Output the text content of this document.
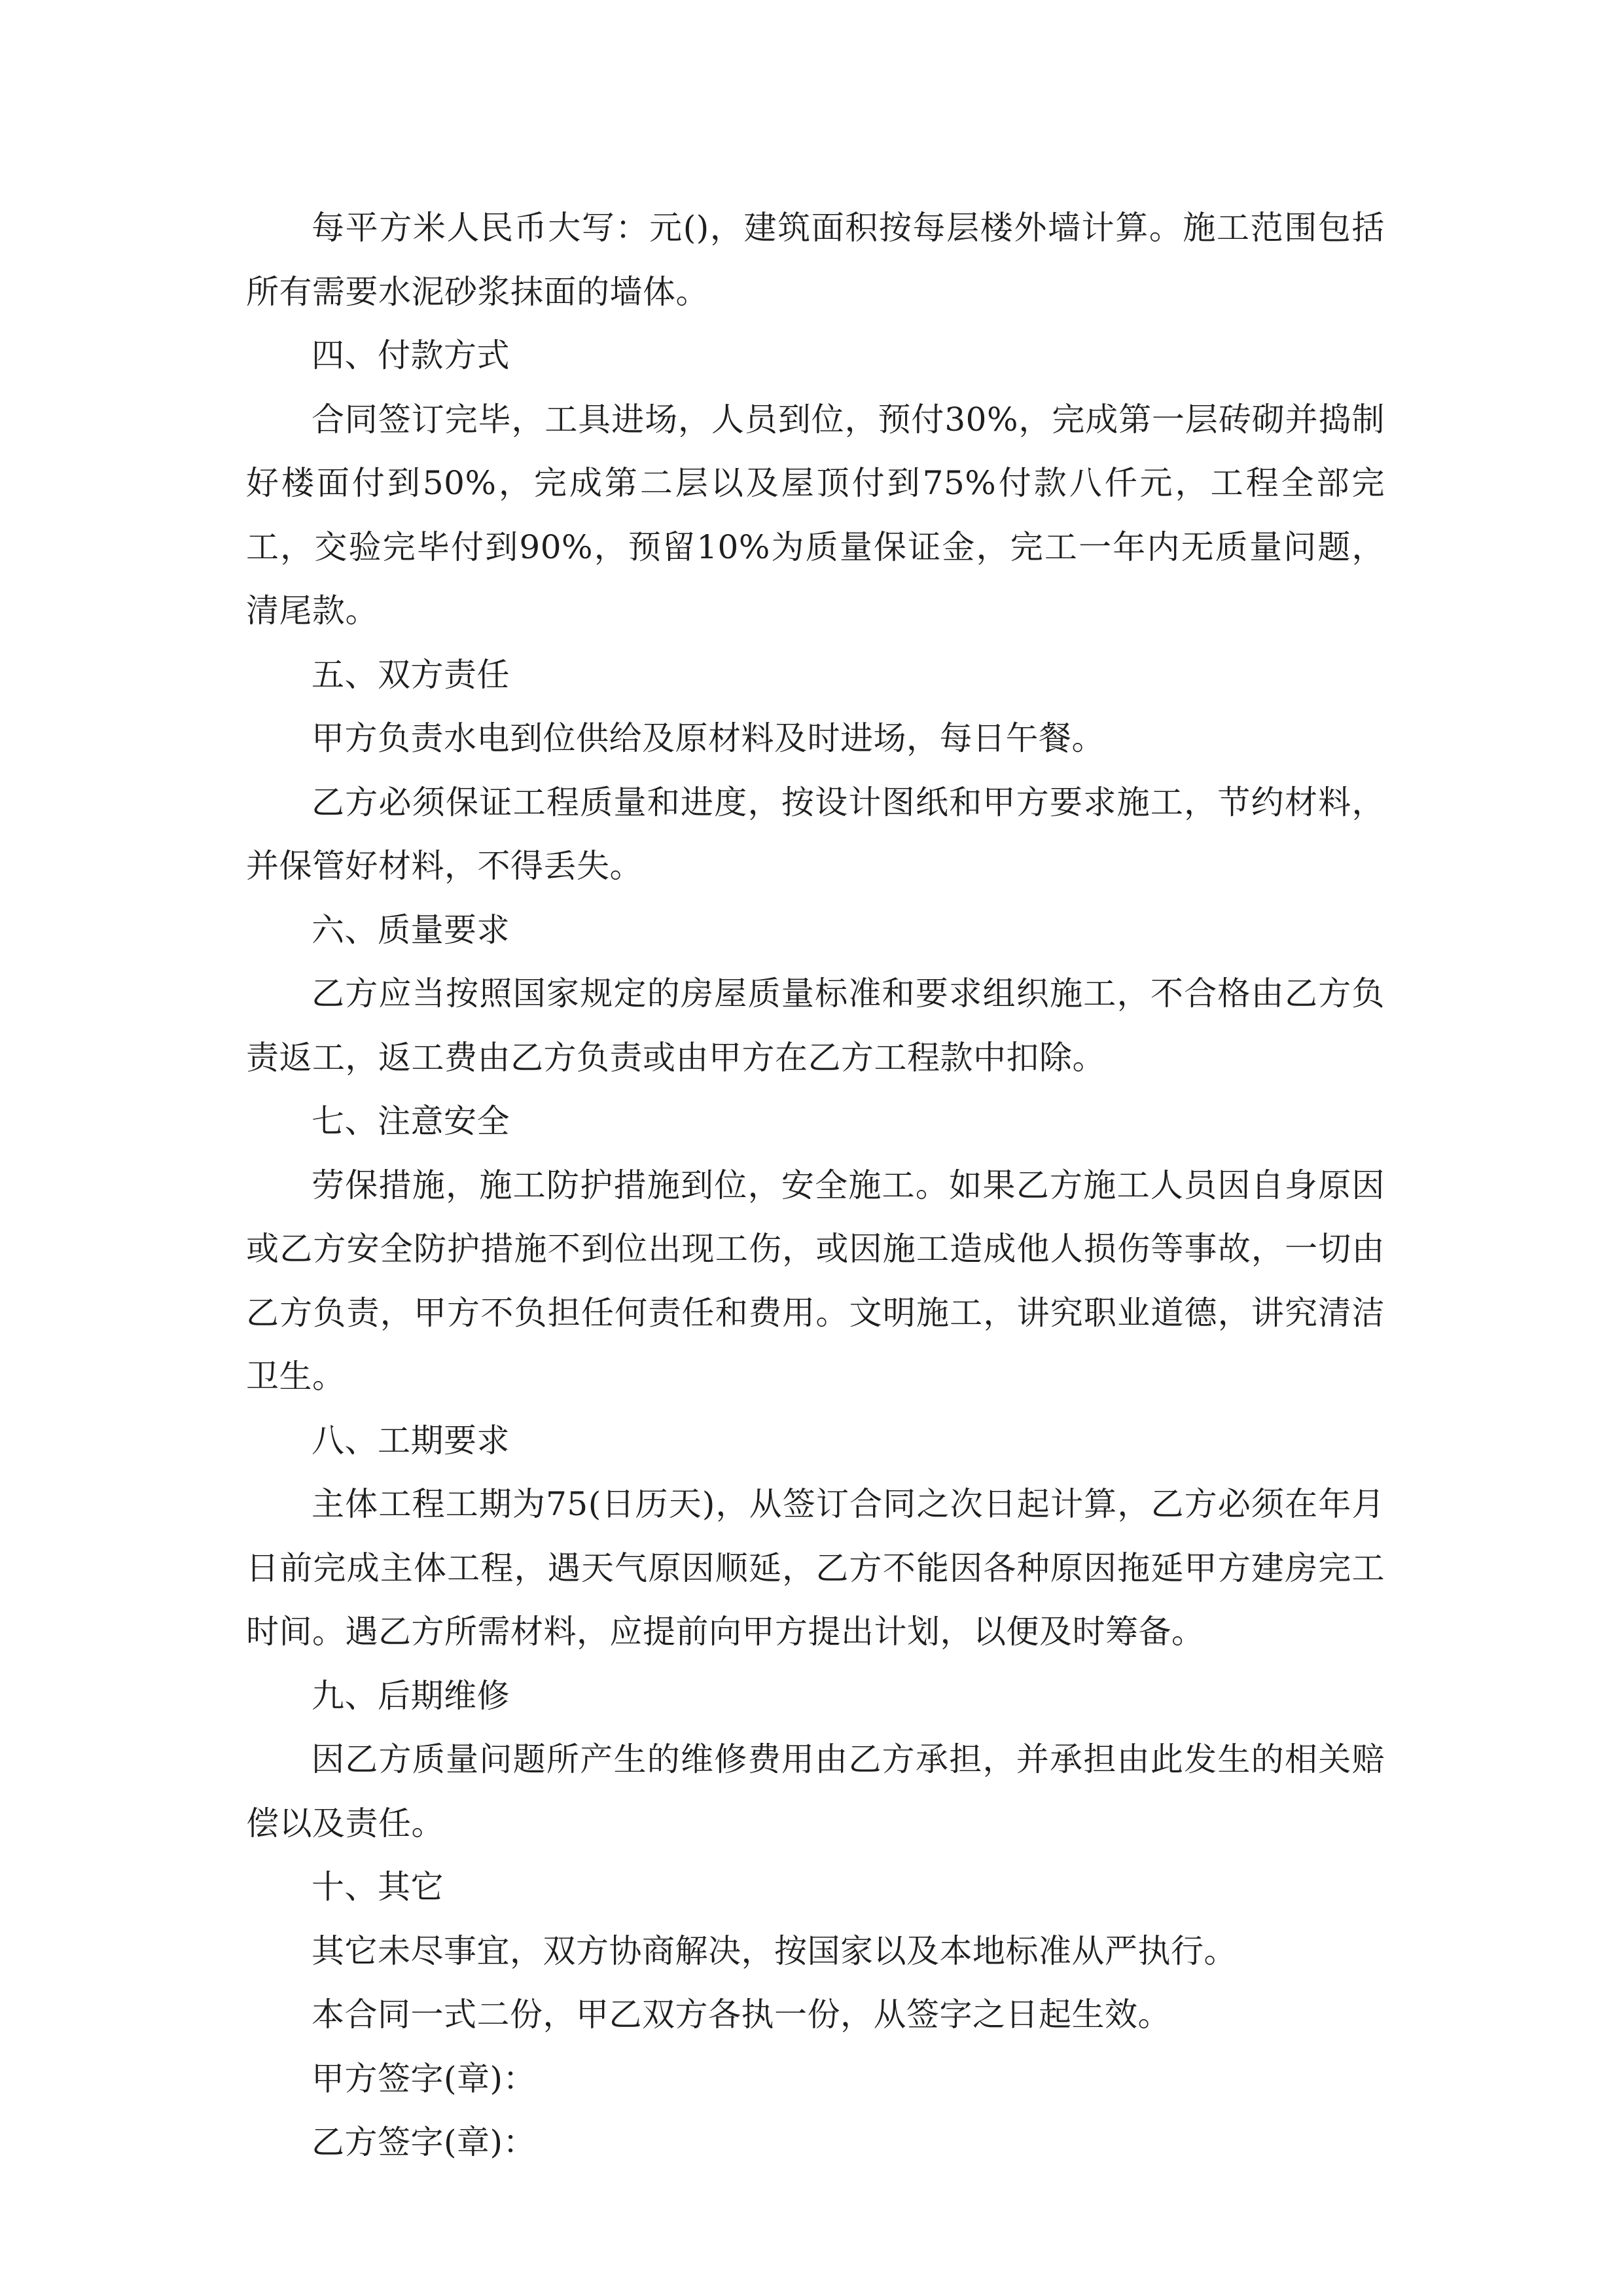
每平方米人民币大写：元()，建筑面积按每层楼外墙计算。施工范围包括所有需要水泥砂浆抹面的墙体。

四、付款方式

合同签订完毕，工具进场，人员到位，预付30%，完成第一层砖砌并捣制好楼面付到50%，完成第二层以及屋顶付到75%付款八仟元，工程全部完工，交验完毕付到90%，预留10%为质量保证金，完工一年内无质量问题，清尾款。

五、双方责任

甲方负责水电到位供给及原材料及时进场，每日午餐。

乙方必须保证工程质量和进度，按设计图纸和甲方要求施工，节约材料，并保管好材料，不得丢失。

六、质量要求

乙方应当按照国家规定的房屋质量标准和要求组织施工，不合格由乙方负责返工，返工费由乙方负责或由甲方在乙方工程款中扣除。

七、注意安全

劳保措施，施工防护措施到位，安全施工。如果乙方施工人员因自身原因或乙方安全防护措施不到位出现工伤，或因施工造成他人损伤等事故，一切由乙方负责，甲方不负担任何责任和费用。文明施工，讲究职业道德，讲究清洁卫生。

八、工期要求

主体工程工期为75(日历天)，从签订合同之次日起计算，乙方必须在年月日前完成主体工程，遇天气原因顺延，乙方不能因各种原因拖延甲方建房完工时间。遇乙方所需材料，应提前向甲方提出计划，以便及时筹备。

九、后期维修

因乙方质量问题所产生的维修费用由乙方承担，并承担由此发生的相关赔偿以及责任。

十、其它

其它未尽事宜，双方协商解决，按国家以及本地标准从严执行。

本合同一式二份，甲乙双方各执一份，从签字之日起生效。

甲方签字(章)：

乙方签字(章)：
